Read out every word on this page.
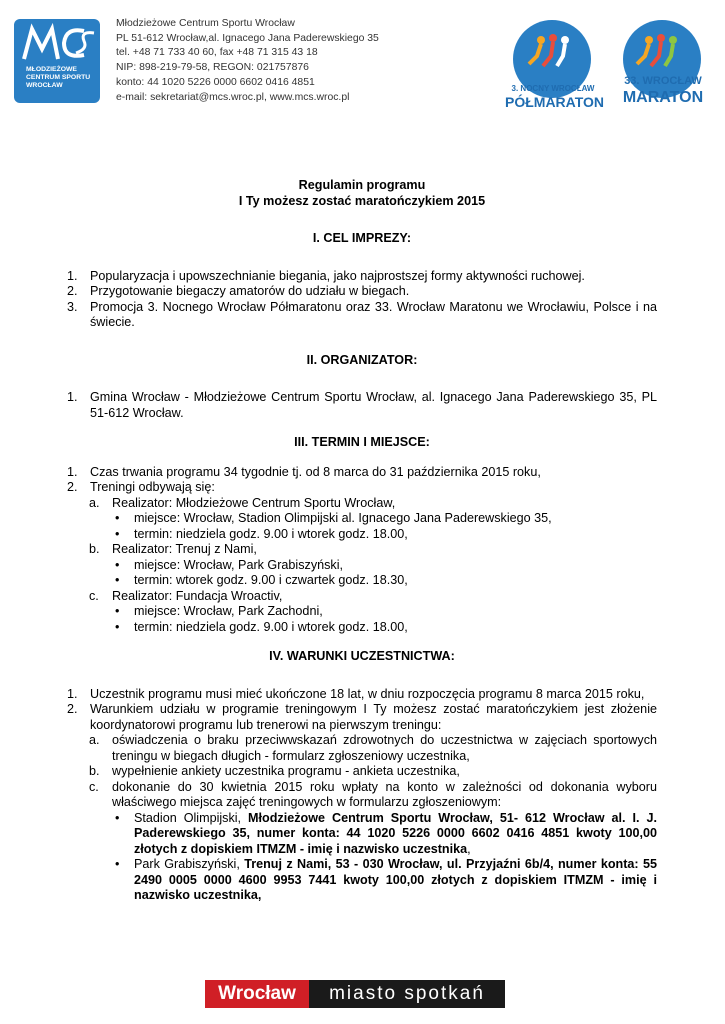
MŁODZIEŻOWE CENTRUM SPORTU WROCŁAW
Młodzieżowe Centrum Sportu Wrocław
PL 51-612 Wrocław,al. Ignacego Jana Paderewskiego 35
tel. +48 71 733 40 60, fax +48 71 315 43 18
NIP: 898-219-79-58, REGON: 021757876
konto: 44 1020 5226 0000 6602 0416 4851
e-mail: sekretariat@mcs.wroc.pl, www.mcs.wroc.pl
3. NOCNY WROCŁAW
PÓŁMARATON
33. WROCŁAW
MARATON
Regulamin programu
I Ty możesz zostać maratończykiem 2015
I. CEL IMPREZY:
1. Popularyzacja i upowszechnianie biegania, jako najprostszej formy aktywności ruchowej.
2. Przygotowanie biegaczy amatorów do udziału w biegach.
3. Promocja 3. Nocnego Wrocław Półmaratonu oraz 33. Wrocław Maratonu we Wrocławiu, Polsce i na świecie.
II. ORGANIZATOR:
1. Gmina Wrocław - Młodzieżowe Centrum Sportu Wrocław, al. Ignacego Jana Paderewskiego 35, PL 51-612 Wrocław.
III. TERMIN I MIEJSCE:
1. Czas trwania programu 34 tygodnie tj. od 8 marca do 31 października 2015 roku,
2. Treningi odbywają się:
a. Realizator: Młodzieżowe Centrum Sportu Wrocław,
• miejsce: Wrocław, Stadion Olimpijski al. Ignacego Jana Paderewskiego 35,
• termin: niedziela godz. 9.00 i wtorek godz. 18.00,
b. Realizator: Trenuj z Nami,
• miejsce: Wrocław, Park Grabiszyński,
• termin: wtorek godz. 9.00 i czwartek godz. 18.30,
c. Realizator: Fundacja Wroactiv,
• miejsce: Wrocław, Park Zachodni,
• termin: niedziela godz. 9.00 i wtorek godz. 18.00,
IV. WARUNKI UCZESTNICTWA:
1. Uczestnik programu musi mieć ukończone 18 lat, w dniu rozpoczęcia programu 8 marca 2015 roku,
2. Warunkiem udziału w programie treningowym I Ty możesz zostać maratończykiem jest złożenie koordynatorowi programu lub trenerowi na pierwszym treningu:
a. oświadczenia o braku przeciwwskazań zdrowotnych do uczestnictwa w zajęciach sportowych treningu w biegach długich - formularz zgłoszeniowy uczestnika,
b. wypełnienie ankiety uczestnika programu - ankieta uczestnika,
c. dokonanie do 30 kwietnia 2015 roku wpłaty na konto w zależności od dokonania wyboru właściwego miejsca zajęć treningowych w formularzu zgłoszeniowym:
• Stadion Olimpijski, Młodzieżowe Centrum Sportu Wrocław, 51- 612 Wrocław al. I. J. Paderewskiego 35, numer konta: 44 1020 5226 0000 6602 0416 4851 kwoty 100,00 złotych z dopiskiem ITMZM - imię i nazwisko uczestnika,
• Park Grabiszyński, Trenuj z Nami, 53 - 030 Wrocław, ul. Przyjaźni 6b/4, numer konta: 55 2490 0005 0000 4600 9953 7441 kwoty 100,00 złotych z dopiskiem ITMZM - imię i nazwisko uczestnika,
Wrocław	miasto spotkań
